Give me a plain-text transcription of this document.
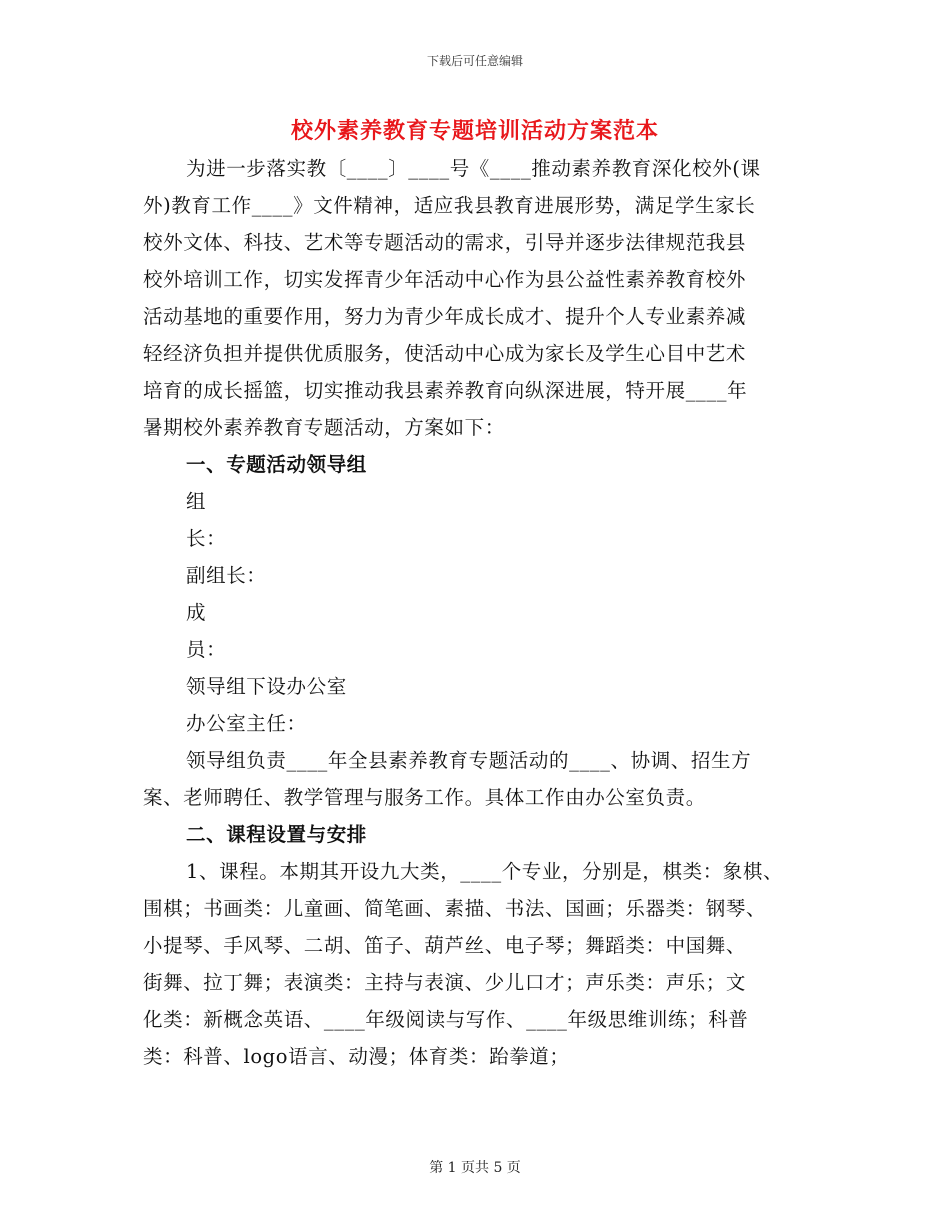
下载后可任意编辑
校外素养教育专题培训活动方案范本
为进一步落实教〔____〕____号《____推动素养教育深化校外(课
外)教育工作____》文件精神，适应我县教育进展形势，满足学生家长
校外文体、科技、艺术等专题活动的需求，引导并逐步法律规范我县
校外培训工作，切实发挥青少年活动中心作为县公益性素养教育校外
活动基地的重要作用，努力为青少年成长成才、提升个人专业素养减
轻经济负担并提供优质服务，使活动中心成为家长及学生心目中艺术
培育的成长摇篮，切实推动我县素养教育向纵深进展，特开展____年
暑期校外素养教育专题活动，方案如下：
一、专题活动领导组
组
长：
副组长：
成
员：
领导组下设办公室
办公室主任：
领导组负责____年全县素养教育专题活动的____、协调、招生方
案、老师聘任、教学管理与服务工作。具体工作由办公室负责。
二、课程设置与安排
1、课程。本期其开设九大类，____个专业，分别是，棋类：象棋、
围棋；书画类：儿童画、简笔画、素描、书法、国画；乐器类：钢琴、
小提琴、手风琴、二胡、笛子、葫芦丝、电子琴；舞蹈类：中国舞、
街舞、拉丁舞；表演类：主持与表演、少儿口才；声乐类：声乐；文
化类：新概念英语、____年级阅读与写作、____年级思维训练；科普
类：科普、logo语言、动漫；体育类：跆拳道；
第 1 页共 5 页
